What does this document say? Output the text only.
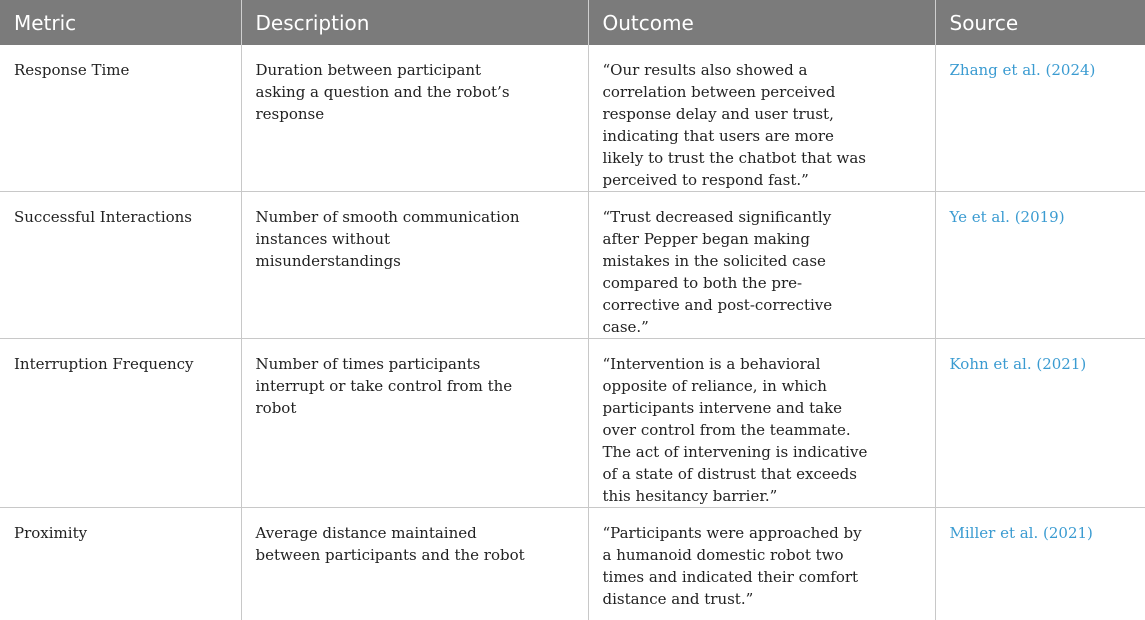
Metric	Description	Outcome	Source
Response Time	Duration between participant asking a question and the robot’s response	“Our results also showed a correlation between perceived response delay and user trust, indicating that users are more likely to trust the chatbot that was perceived to respond fast.”	Zhang et al. (2024)
Successful Interactions	Number of smooth communication instances without misunderstandings	“Trust decreased significantly after Pepper began making mistakes in the solicited case compared to both the pre-corrective and post-corrective case.”	Ye et al. (2019)
Interruption Frequency	Number of times participants interrupt or take control from the robot	“Intervention is a behavioral opposite of reliance, in which participants intervene and take over control from the teammate. The act of intervening is indicative of a state of distrust that exceeds this hesitancy barrier.”	Kohn et al. (2021)
Proximity	Average distance maintained between participants and the robot	“Participants were approached by a humanoid domestic robot two times and indicated their comfort distance and trust.”	Miller et al. (2021)
